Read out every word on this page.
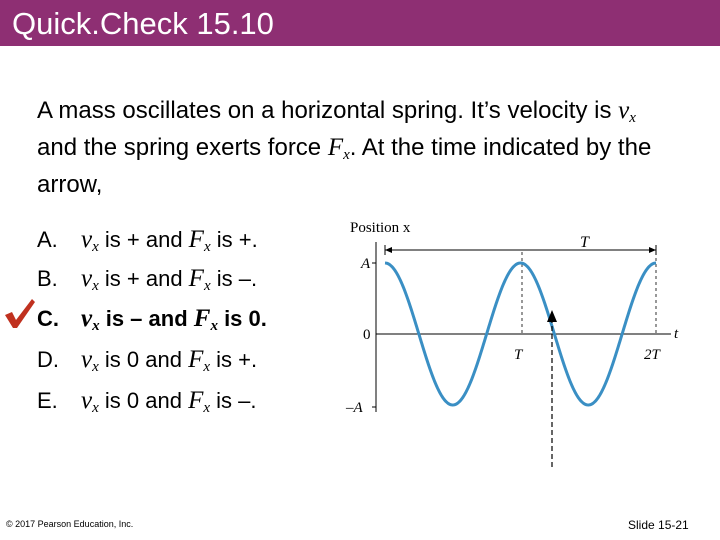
Quick.Check 15.10
A mass oscillates on a horizontal spring. It’s velocity is $v_x$ and the spring exerts force $F_x$. At the time indicated by the arrow,
A. $v_x$ is + and $F_x$ is +.
B. $v_x$ is + and $F_x$ is –.
C. $v_x$ is – and $F_x$ is 0.
D. $v_x$ is 0 and $F_x$ is +.
E. $v_x$ is 0 and $F_x$ is –.
Position x
T
A
0
–A
t
T	2T
© 2017 Pearson Education, Inc.	Slide 15-21
